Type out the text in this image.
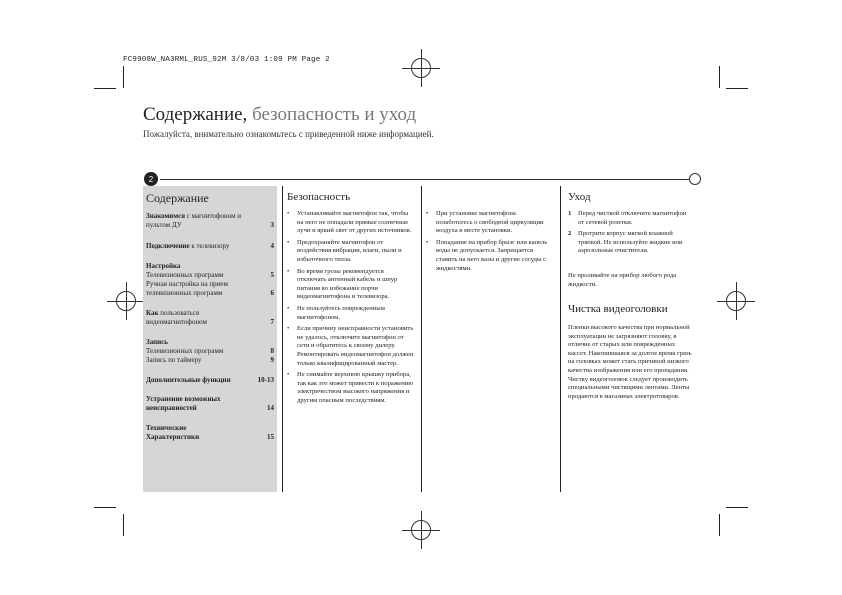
FC9908W_NA3RML_RUS_92M 3/8/03 1:09 PM Page 2
Содержание, безопасность и уход
Пожалуйста, внимательно ознакомьтесь с приведенной ниже информацией.
2
Содержание
Знакомимся с магнитофоном и пультом ДУ	3
Подключение к телевизору	4
Настройка
Телевизионных программ	5
Ручная настройка на прием телевизионных программ	6
Как пользоваться видеомагнитофоном	7
Запись
Телевизионных программ	8
Запись по таймеру	9
Дополнительные функции	10-13
Устранение возможных неисправностей	14
Технические Характеристики	15
Безопасность
• Устанавливайте магнитофон так, чтобы на него не попадали прямые солнечные лучи и яркий свет от других источников.
• Предохраняйте магнитофон от воздействия вибрации, влаги, пыли и избыточного тепла.
• Во время грозы рекомендуется отключать антенный кабель и шнур питания во избежание порчи видеомагнитофона и телевизора.
• Не пользуйтесь поврежденным магнитофоном.
• Если причину неисправности установить не удалось, отключите магнитофон от сети и обратитесь к своему дилеру. Ремонтировать видеомагнитофон должен только квалифицированный мастер.
• Не снимайте верхнюю крышку прибора, так как это может привести к поражению электричеством высокого напряжения и другим опасным последствиям.
• При установке магнитофона позаботьтесь о свободной циркуляции воздуха в месте установки.
• Попадание на прибор брызг или капель воды не допускается. Запрещается ставить на него вазы и другие сосуды с жидкостями.
Уход
1 Перед чисткой отключите магнитофон от сетевой розетки.
2 Протрите корпус мягкой влажной тряпкой. Не используйте жидкие или аэрозольные очистители.
Не проливайте на прибор любого рода жидкости.
Чистка видеоголовки
Пленки высокого качества при нормальной эксплуатации не загрязняют головку, в отличие от старых или поврежденных кассет. Накопившаяся за долгое время грязь на головках может стать причиной низкого качества изображения или его пропадания. Чистку видеоголовок следует производить специальными чистящими лентами. Ленты продаются в магазинах электротоваров.
